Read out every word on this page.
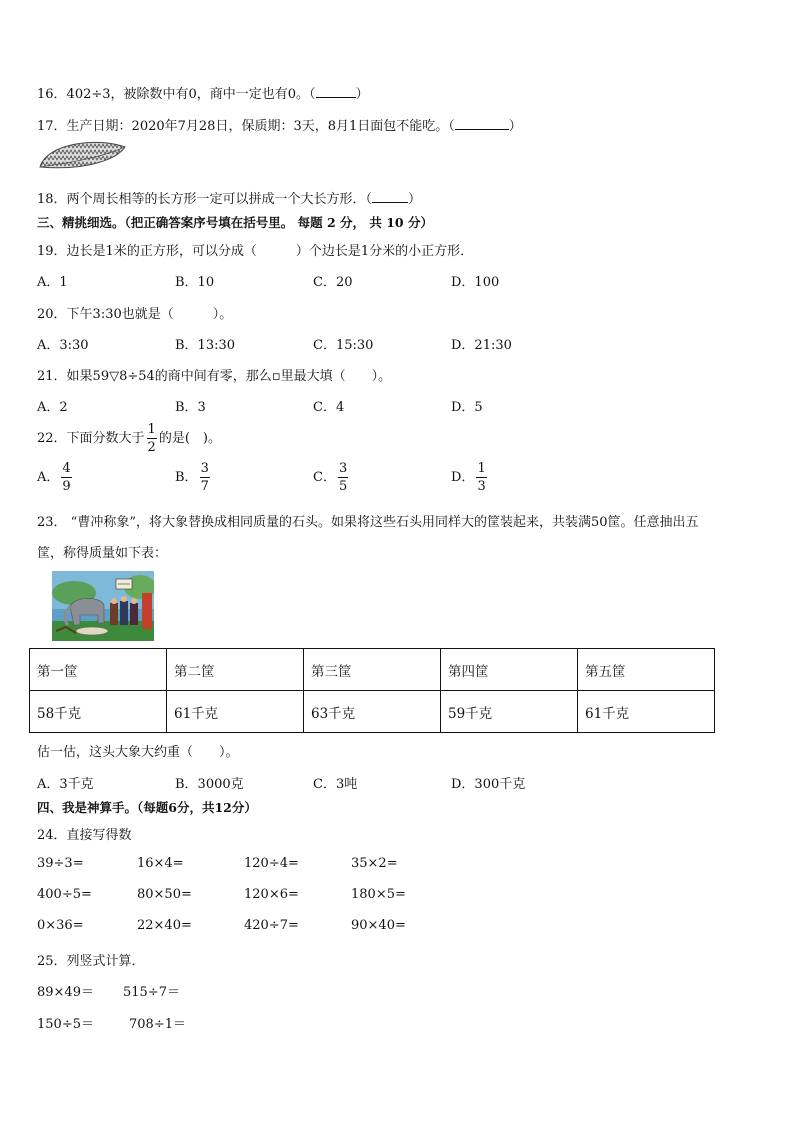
16．402÷3，被除数中有0，商中一定也有0。（	）
17．生产日期：2020年7月28日，保质期：3天，8月1日面包不能吃。（	）
18．两个周长相等的长方形一定可以拼成一个大长方形．（	）
三、精挑细选。（把正确答案序号填在括号里。 每题 2 分， 共 10 分）
19．边长是1米的正方形，可以分成（　　　）个边长是1分米的小正方形．
A．1	B．10	C．20	D．100
20．下午3:30也就是（　　　）。
A．3:30	B．13:30	C．15:30	D．21:30
21．如果59▽8÷54的商中间有零，那么▫里最大填（　　）。
A．2	B．3	C．4	D．5
22．下面分数大于 $\frac{1}{2}$ 的是(　)。
A． $\frac{4}{9}$	B． $\frac{3}{7}$	C． $\frac{3}{5}$	D． $\frac{1}{3}$
23． “曹冲称象”，将大象替换成相同质量的石头。如果将这些石头用同样大的筐装起来，共装满50筐。任意抽出五
筐，称得质量如下表：
第一筐	第二筐	第三筐	第四筐	第五筐
58千克	61千克	63千克	59千克	61千克
估一估，这头大象大约重（　　）。
A．3千克	B．3000克	C．3吨	D．300千克
四、我是神算手。（每题6分，共12分）
24．直接写得数
39÷3=	16×4=	120÷4=	35×2=
400÷5=	80×50=	120×6=	180×5=
0×36=	22×40=	420÷7=	90×40=
25．列竖式计算．
89×49＝ 515÷7＝
150÷5＝	708÷1＝
